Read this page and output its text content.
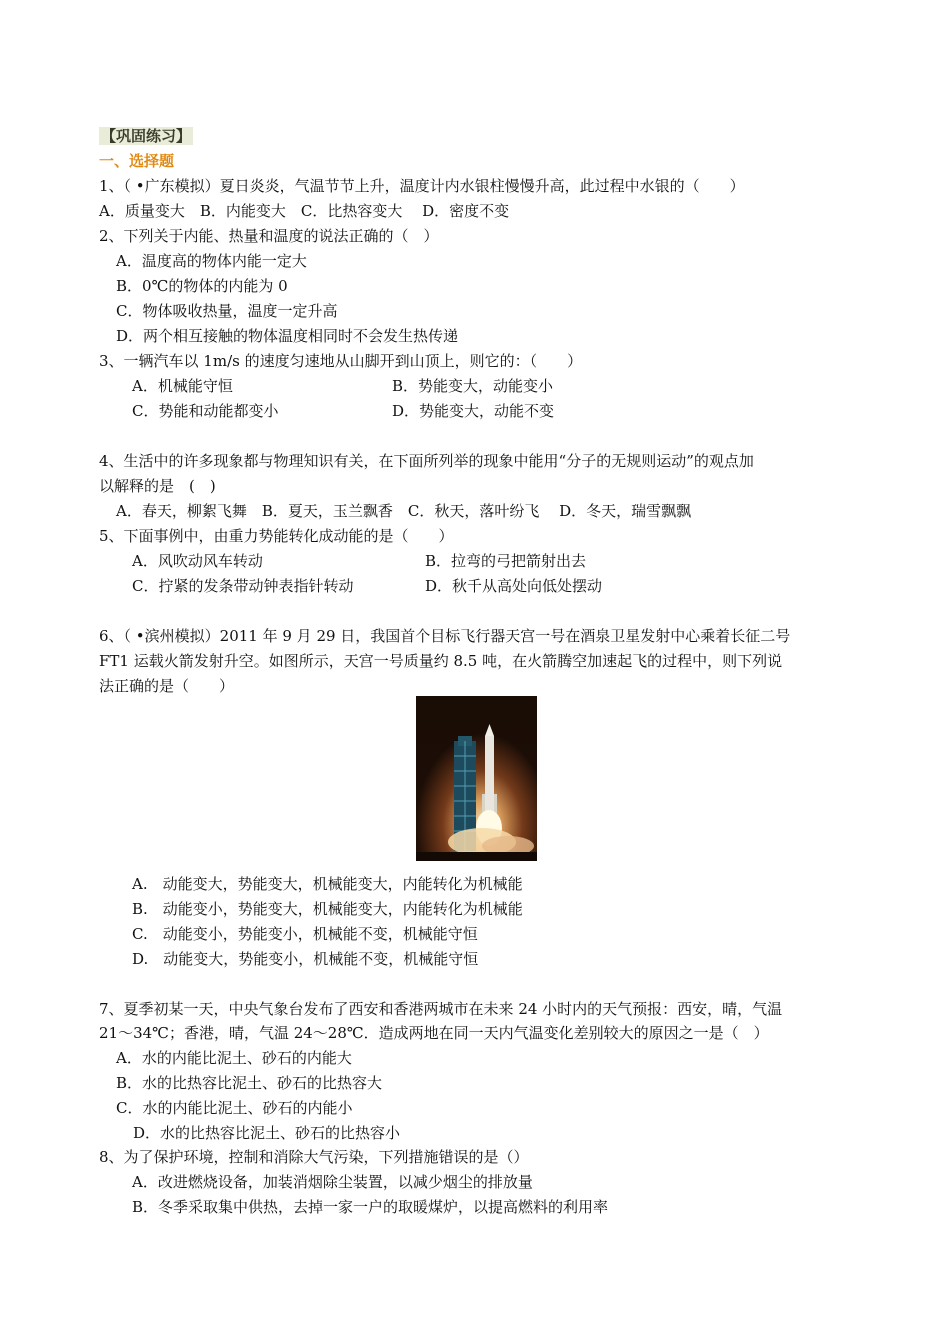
【巩固练习】
一、选择题
1、（ •广东模拟）夏日炎炎，气温节节上升，温度计内水银柱慢慢升高，此过程中水银的（　　）
A．质量变大　B．内能变大　C．比热容变大　 D．密度不变
2、下列关于内能、热量和温度的说法正确的（　）
A．温度高的物体内能一定大
B．0℃的物体的内能为 0
C．物体吸收热量，温度一定升高
D．两个相互接触的物体温度相同时不会发生热传递
3、一辆汽车以 1m/s 的速度匀速地从山脚开到山顶上，则它的：（　　）
A．机械能守恒	B．势能变大，动能变小
C．势能和动能都变小	D．势能变大，动能不变
4、生活中的许多现象都与物理知识有关，在下面所列举的现象中能用“分子的无规则运动”的观点加
以解释的是　(　)
A．春天，柳絮飞舞　B．夏天，玉兰飘香　C．秋天，落叶纷飞　 D．冬天，瑞雪飘飘
5、下面事例中，由重力势能转化成动能的是（　　）
A．风吹动风车转动	B．拉弯的弓把箭射出去
C．拧紧的发条带动钟表指针转动	D．秋千从高处向低处摆动
6、（ •滨州模拟）2011 年 9 月 29 日，我国首个目标飞行器天宫一号在酒泉卫星发射中心乘着长征二号
FT1 运载火箭发射升空。如图所示，天宫一号质量约 8.5 吨，在火箭腾空加速起飞的过程中，则下列说
法正确的是（　　）
A.　动能变大，势能变大，机械能变大，内能转化为机械能
B.　动能变小，势能变大，机械能变大，内能转化为机械能
C.　动能变小，势能变小，机械能不变，机械能守恒
D.　动能变大，势能变小，机械能不变，机械能守恒
7、夏季初某一天，中央气象台发布了西安和香港两城市在未来 24 小时内的天气预报：西安，晴，气温
21～34℃；香港，晴，气温 24～28℃．造成两地在同一天内气温变化差别较大的原因之一是（　）
A．水的内能比泥土、砂石的内能大
B．水的比热容比泥土、砂石的比热容大
C．水的内能比泥土、砂石的内能小
D．水的比热容比泥土、砂石的比热容小
8、为了保护环境，控制和消除大气污染，下列措施错误的是（）
A．改进燃烧设备，加装消烟除尘装置，以减少烟尘的排放量
B．冬季采取集中供热，去掉一家一户的取暖煤炉，以提高燃料的利用率
